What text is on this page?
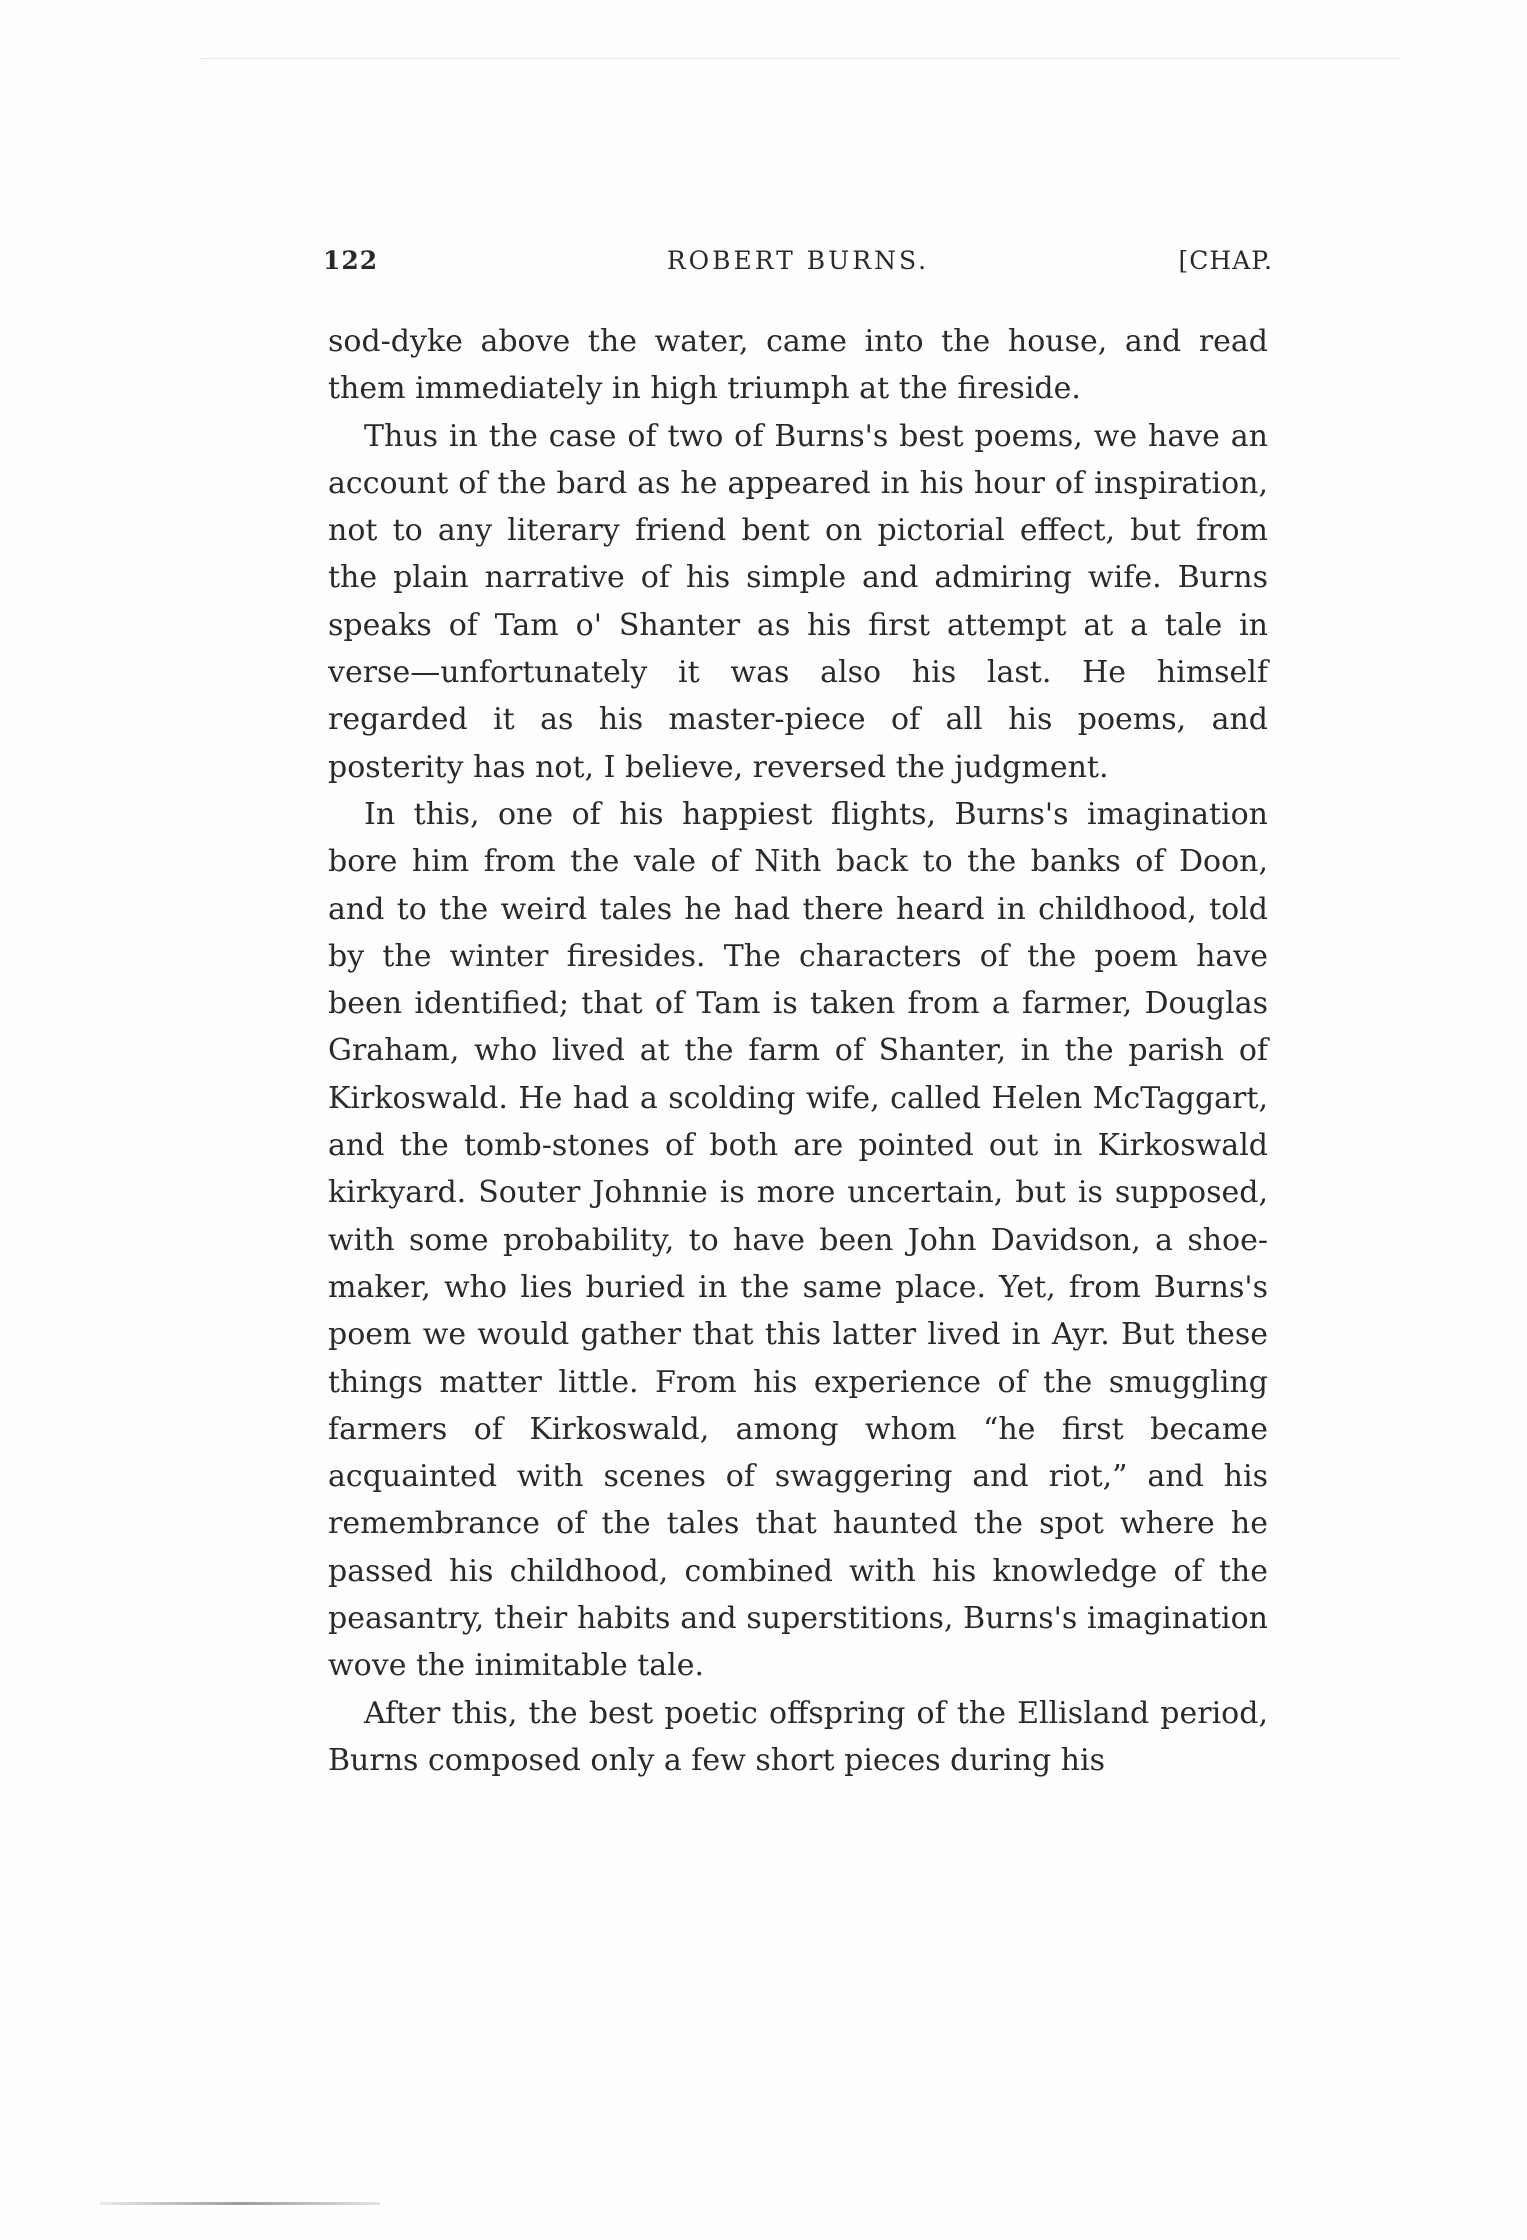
122	ROBERT BURNS.	[CHAP.

sod-dyke above the water, came into the house, and read them immediately in high triumph at the fireside.

Thus in the case of two of Burns's best poems, we have an account of the bard as he appeared in his hour of inspiration, not to any literary friend bent on pictorial effect, but from the plain narrative of his simple and admiring wife. Burns speaks of Tam o' Shanter as his first attempt at a tale in verse—unfortunately it was also his last. He himself regarded it as his master-piece of all his poems, and posterity has not, I believe, reversed the judgment.

In this, one of his happiest flights, Burns's imagination bore him from the vale of Nith back to the banks of Doon, and to the weird tales he had there heard in childhood, told by the winter firesides. The characters of the poem have been identified; that of Tam is taken from a farmer, Douglas Graham, who lived at the farm of Shanter, in the parish of Kirkoswald. He had a scolding wife, called Helen McTaggart, and the tomb-stones of both are pointed out in Kirkoswald kirkyard. Souter Johnnie is more uncertain, but is supposed, with some probability, to have been John Davidson, a shoe-maker, who lies buried in the same place. Yet, from Burns's poem we would gather that this latter lived in Ayr. But these things matter little. From his experience of the smuggling farmers of Kirkoswald, among whom “he first became acquainted with scenes of swaggering and riot,” and his remembrance of the tales that haunted the spot where he passed his childhood, combined with his knowledge of the peasantry, their habits and superstitions, Burns's imagination wove the inimitable tale.

After this, the best poetic offspring of the Ellisland period, Burns composed only a few short pieces during his
